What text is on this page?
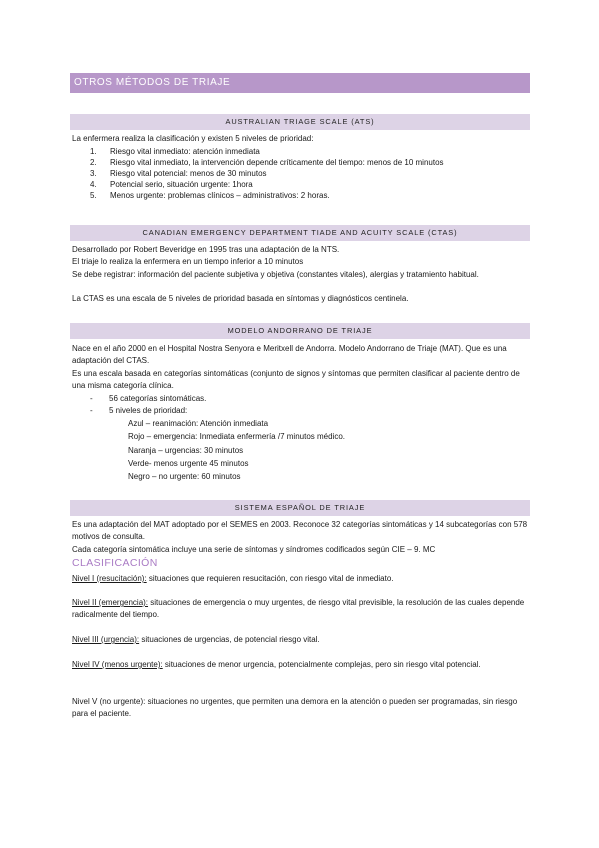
OTROS MÉTODOS DE TRIAJE
AUSTRALIAN TRIAGE SCALE (ATS)

La enfermera realiza la clasificación y existen 5 niveles de prioridad:

1. Riesgo vital inmediato: atención inmediata
2. Riesgo vital inmediato, la intervención depende críticamente del tiempo: menos de 10 minutos
3. Riesgo vital potencial: menos de 30 minutos
4. Potencial serio, situación urgente: 1hora
5. Menos urgente: problemas clínicos – administrativos: 2 horas.
CANADIAN EMERGENCY DEPARTMENT TIADE AND ACUITY SCALE (CTAS)

Desarrollado por Robert Beveridge en 1995 tras una adaptación de la NTS.

El triaje lo realiza la enfermera en un tiempo inferior a 10 minutos

Se debe registrar: información del paciente subjetiva y objetiva (constantes vitales), alergias y tratamiento habitual.

La CTAS es una escala de 5 niveles de prioridad basada en síntomas y diagnósticos centinela.

MODELO ANDORRANO DE TRIAJE

Nace en el año 2000 en el Hospital Nostra Senyora e Meritxell de Andorra. Modelo Andorrano de Triaje (MAT). Que es una adaptación del CTAS.

Es una escala basada en categorías sintomáticas (conjunto de signos y síntomas que permiten clasificar al paciente dentro de una misma categoría clínica.

- 56 categorías sintomáticas.
- 5 niveles de prioridad:
Azul – reanimación: Atención inmediata
Rojo – emergencia: Inmediata enfermería /7 minutos médico.
Naranja – urgencias: 30 minutos
Verde- menos urgente 45 minutos
Negro – no urgente: 60 minutos
SISTEMA ESPAÑOL DE TRIAJE

Es una adaptación del MAT adoptado por el SEMES en 2003. Reconoce 32 categorías sintomáticas y 14 subcategorías con 578 motivos de consulta.

Cada categoría sintomática incluye una serie de síntomas y síndromes codificados según CIE – 9. MC

CLASIFICACIÓN

Nivel I (resucitación): situaciones que requieren resucitación, con riesgo vital de inmediato.

Nivel II (emergencia): situaciones de emergencia o muy urgentes, de riesgo vital previsible, la resolución de las cuales depende radicalmente del tiempo.

Nivel III (urgencia): situaciones de urgencias, de potencial riesgo vital.

Nivel IV (menos urgente): situaciones de menor urgencia, potencialmente complejas, pero sin riesgo vital potencial.

Nivel V (no urgente): situaciones no urgentes, que permiten una demora en la atención o pueden ser programadas, sin riesgo para el paciente.
